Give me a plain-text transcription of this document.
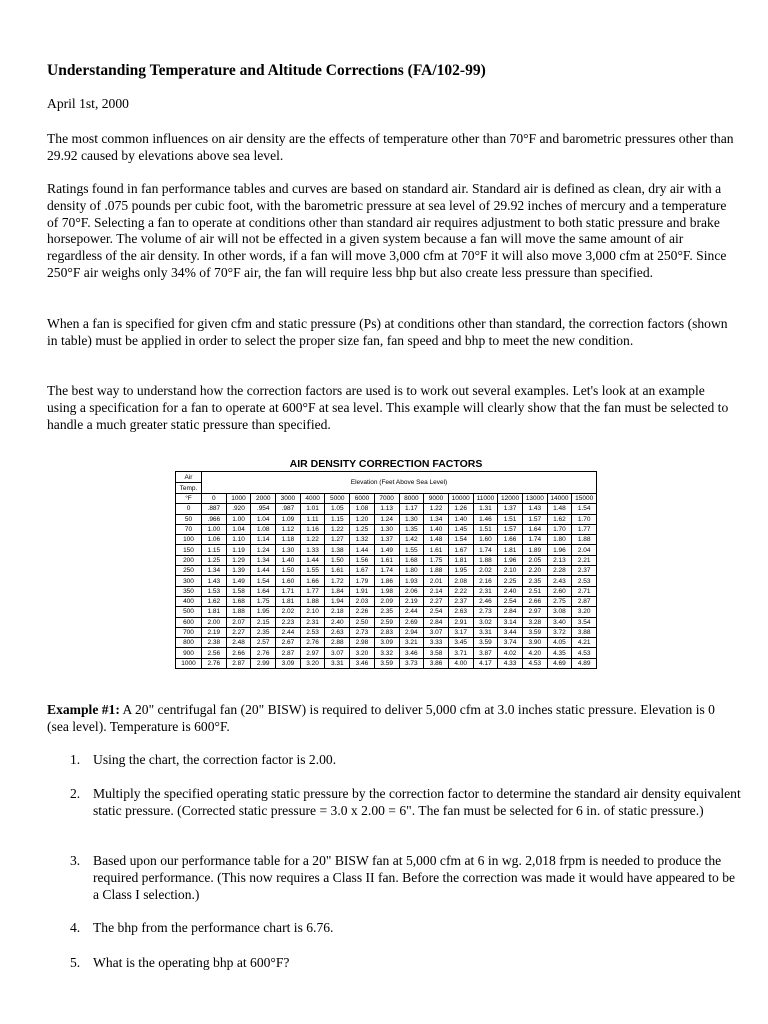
Understanding Temperature and Altitude Corrections (FA/102-99)

April 1st, 2000

The most common influences on air density are the effects of temperature other than 70°F and barometric pressures other than 29.92 caused by elevations above sea level.

Ratings found in fan performance tables and curves are based on standard air. Standard air is defined as clean, dry air with a density of .075 pounds per cubic foot, with the barometric pressure at sea level of 29.92 inches of mercury and a temperature of 70°F. Selecting a fan to operate at conditions other than standard air requires adjustment to both static pressure and brake horsepower. The volume of air will not be effected in a given system because a fan will move the same amount of air regardless of the air density. In other words, if a fan will move 3,000 cfm at 70°F it will also move 3,000 cfm at 250°F. Since 250°F air weighs only 34% of 70°F air, the fan will require less bhp but also create less pressure than specified.

When a fan is specified for given cfm and static pressure (Ps) at conditions other than standard, the correction factors (shown in table) must be applied in order to select the proper size fan, fan speed and bhp to meet the new condition.

The best way to understand how the correction factors are used is to work out several examples. Let's look at an example using a specification for a fan to operate at 600°F at sea level. This example will clearly show that the fan must be selected to handle a much greater static pressure than specified.

AIR DENSITY CORRECTION FACTORS
Air	Elevation (Feet Above Sea Level)															
Temp.																
°F	0	1000	2000	3000	4000	5000	6000	7000	8000	9000	10000	11000	12000	13000	14000	15000
0	.887	.920	.954	.987	1.01	1.05	1.08	1.13	1.17	1.22	1.26	1.31	1.37	1.43	1.48	1.54
50	.966	1.00	1.04	1.09	1.11	1.15	1.20	1.24	1.30	1.34	1.40	1.46	1.51	1.57	1.62	1.70
70	1.00	1.04	1.08	1.12	1.16	1.22	1.25	1.30	1.35	1.40	1.45	1.51	1.57	1.64	1.70	1.77
100	1.06	1.10	1.14	1.18	1.22	1.27	1.32	1.37	1.42	1.48	1.54	1.60	1.66	1.74	1.80	1.88
150	1.15	1.19	1.24	1.30	1.33	1.38	1.44	1.49	1.55	1.61	1.67	1.74	1.81	1.89	1.96	2.04
200	1.25	1.29	1.34	1.40	1.44	1.50	1.56	1.61	1.68	1.75	1.81	1.88	1.96	2.05	2.13	2.21
250	1.34	1.39	1.44	1.50	1.55	1.61	1.67	1.74	1.80	1.88	1.95	2.02	2.10	2.20	2.28	2.37
300	1.43	1.49	1.54	1.60	1.66	1.72	1.79	1.86	1.93	2.01	2.08	2.16	2.25	2.35	2.43	2.53
350	1.53	1.58	1.64	1.71	1.77	1.84	1.91	1.98	2.06	2.14	2.22	2.31	2.40	2.51	2.60	2.71
400	1.62	1.68	1.75	1.81	1.88	1.94	2.03	2.09	2.19	2.27	2.37	2.46	2.54	2.66	2.75	2.87
500	1.81	1.88	1.95	2.02	2.10	2.18	2.26	2.35	2.44	2.54	2.63	2.73	2.84	2.97	3.08	3.20
600	2.00	2.07	2.15	2.23	2.31	2.40	2.50	2.59	2.69	2.84	2.91	3.02	3.14	3.28	3.40	3.54
700	2.19	2.27	2.35	2.44	2.53	2.63	2.73	2.83	2.94	3.07	3.17	3.31	3.44	3.59	3.72	3.88
800	2.38	2.48	2.57	2.67	2.76	2.88	2.98	3.09	3.21	3.33	3.45	3.59	3.74	3.90	4.05	4.21
900	2.56	2.66	2.76	2.87	2.97	3.07	3.20	3.32	3.46	3.58	3.71	3.87	4.02	4.20	4.35	4.53
1000	2.76	2.87	2.99	3.09	3.20	3.31	3.46	3.59	3.73	3.86	4.00	4.17	4.33	4.53	4.69	4.89

Example #1: A 20" centrifugal fan (20" BISW) is required to deliver 5,000 cfm at 3.0 inches static pressure. Elevation is 0 (sea level). Temperature is 600°F.

1. Using the chart, the correction factor is 2.00.
2. Multiply the specified operating static pressure by the correction factor to determine the standard air density equivalent static pressure. (Corrected static pressure = 3.0 x 2.00 = 6". The fan must be selected for 6 in. of static pressure.)
3. Based upon our performance table for a 20" BISW fan at 5,000 cfm at 6 in wg. 2,018 frpm is needed to produce the required performance. (This now requires a Class II fan. Before the correction was made it would have appeared to be a Class I selection.)
4. The bhp from the performance chart is 6.76.
5. What is the operating bhp at 600°F?
